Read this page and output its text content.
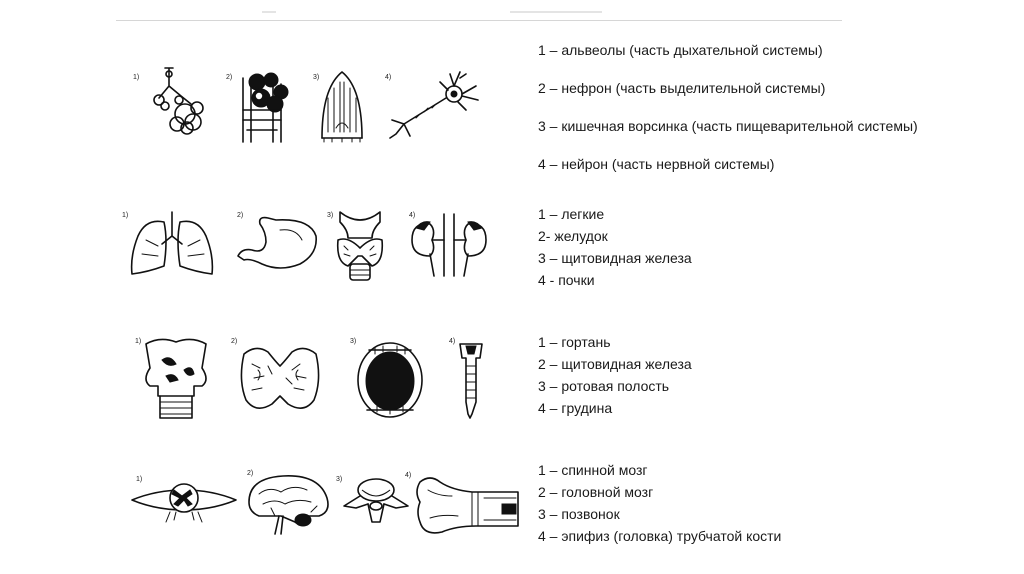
1)	2)	3)	4)
1 – альвеолы (часть дыхательной системы)
2 – нефрон (часть выделительной системы)
3 – кишечная ворсинка (часть пищеварительной системы)
4 – нейрон (часть нервной системы)
1)	2)	3)	4)	1 – легкие
2- желудок
3 – щитовидная железа
4 - почки
1)	2)	3)	4)	1 – гортань
2 – щитовидная железа
3 – ротовая полость
4 – грудина
1)
2)
3)
4)	1 – спинной мозг
2 – головной мозг
3 – позвонок
4 – эпифиз (головка) трубчатой кости
